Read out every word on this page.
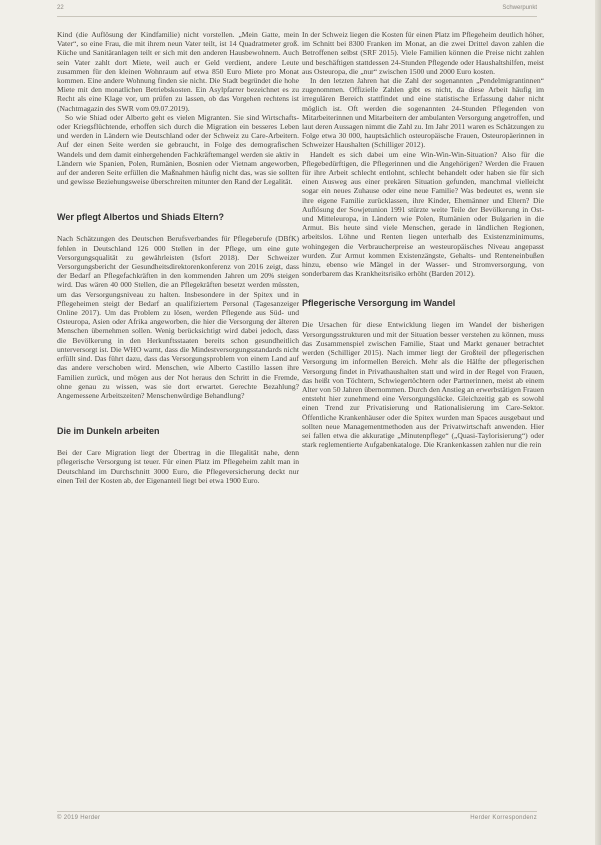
22	Schwerpunkt

Kind (die Auflösung der Kindfamilie) nicht vorstellen. „Mein Gatte, mein Vater“, so eine Frau, die mit ihrem neun Vater teilt, ist 14 Quadratmeter groß. Küche und Sanitäranlagen teilt er sich mit den anderen Hausbewohnern. Auch sein Vater zahlt dort Miete, weil auch er Geld verdient, andere Leute zusammen für den kleinen Wohnraum auf etwa 850 Euro Miete pro Monat kommen. Eine andere Wohnung finden sie nicht. Die Stadt begründet die hohe Miete mit den monatlichen Betriebskosten. Ein Asylpfarrer bezeichnet es zu Recht als eine Klage vor, um prüfen zu lassen, ob das Vorgehen rechtens ist (Nachtmagazin des SWR vom 09.07.2019).

So wie Shiad oder Alberto geht es vielen Migranten. Sie sind Wirtschafts- oder Kriegsflüchtende, erhoffen sich durch die Migration ein besseres Leben und werden in Ländern wie Deutschland oder der Schweiz zu Care-Arbeitern. Auf der einen Seite werden sie gebraucht, in Folge des demografischen Wandels und dem damit einhergehenden Fachkräftemangel werden sie aktiv in Ländern wie Spanien, Polen, Rumänien, Bosnien oder Vietnam angeworben, auf der anderen Seite erfüllen die Maßnahmen häufig nicht das, was sie sollten und gewisse Beziehungsweise überschreiten mitunter den Rand der Legalität.

Wer pflegt Albertos und Shiads Eltern?

Nach Schätzungen des Deutschen Berufsverbandes für Pflegeberufe (DBfK) fehlen in Deutschland 126 000 Stellen in der Pflege, um eine gute Versorgungsqualität zu gewährleisten (Isfort 2018). Der Schweizer Versorgungsbericht der Gesundheitsdirektorenkonferenz von 2016 zeigt, dass der Bedarf an Pflegefachkräften in den kommenden Jahren um 20% steigen wird. Das wären 40 000 Stellen, die an Pflegekräften besetzt werden müssten, um das Versorgungsniveau zu halten. Insbesondere in der Spitex und in Pflegeheimen steigt der Bedarf an qualifiziertem Personal (Tagesanzeiger Online 2017). Um das Problem zu lösen, werden Pflegende aus Süd- und Osteuropa, Asien oder Afrika angeworben, die hier die Versorgung der älteren Menschen übernehmen sollen. Wenig berücksichtigt wird dabei jedoch, dass die Bevölkerung in den Herkunftsstaaten bereits schon gesundheitlich unterversorgt ist. Die WHO warnt, dass die Mindestversorgungsstandards nicht erfüllt sind. Das führt dazu, dass das Versorgungsproblem von einem Land auf das andere verschoben wird. Menschen, wie Alberto Castillo lassen ihre Familien zurück, und mögen aus der Not heraus den Schritt in die Fremde, ohne genau zu wissen, was sie dort erwartet. Gerechte Bezahlung? Angemessene Arbeitszeiten? Menschenwürdige Behandlung?

Die im Dunkeln arbeiten

Bei der Care Migration liegt der Übertrag in die Illegalität nahe, denn pflegerische Versorgung ist teuer. Für einen Platz im Pflegeheim zahlt man in Deutschland im Durchschnitt 3000 Euro, die Pflegeversicherung deckt nur einen Teil der Kosten ab, der Eigenanteil liegt bei etwa 1900 Euro.

In der Schweiz liegen die Kosten für einen Platz im Pflegeheim deutlich höher, im Schnitt bei 8300 Franken im Monat, an die zwei Drittel davon zahlen die Betroffenen selbst (SRF 2015). Viele Familien können die Preise nicht zahlen und beschäftigen stattdessen 24-Stunden Pflegende oder Haushaltshilfen, meist aus Osteuropa, die „nur“ zwischen 1500 und 2000 Euro kosten.

In den letzten Jahren hat die Zahl der sogenannten „Pendelmigrantinnen“ zugenommen. Offizielle Zahlen gibt es nicht, da diese Arbeit häufig im irregulären Bereich stattfindet und eine statistische Erfassung daher nicht möglich ist. Oft werden die sogenannten 24-Stunden Pflegenden von Mitarbeiterinnen und Mitarbeitern der ambulanten Versorgung angetroffen, und laut deren Aussagen nimmt die Zahl zu. Im Jahr 2011 waren es Schätzungen zu Folge etwa 30 000, hauptsächlich osteuropäische Frauen, Osteuropäerinnen in Schweizer Haushalten (Schilliger 2012).

Handelt es sich dabei um eine Win-Win-Win-Situation? Also für die Pflegebedürftigen, die Pflegerinnen und die Angehörigen? Werden die Frauen für ihre Arbeit schlecht entlohnt, schlecht behandelt oder haben sie für sich einen Ausweg aus einer prekären Situation gefunden, manchmal vielleicht sogar ein neues Zuhause oder eine neue Familie? Was bedeutet es, wenn sie ihre eigene Familie zurücklassen, ihre Kinder, Ehemänner und Eltern? Die Auflösung der Sowjetunion 1991 stürzte weite Teile der Bevölkerung in Ost- und Mitteleuropa, in Ländern wie Polen, Rumänien oder Bulgarien in die Armut. Bis heute sind viele Menschen, gerade in ländlichen Regionen, arbeitslos. Löhne und Renten liegen unterhalb des Existenzminimums, wohingegen die Verbraucherpreise an westeuropäisches Niveau angepasst wurden. Zur Armut kommen Existenzängste, Gehalts- und Renteneinbußen hinzu, ebenso wie Mängel in der Wasser- und Stromversorgung, von sonderbarem das Krankheitsrisiko erhöht (Barden 2012).

Pflegerische Versorgung im Wandel

Die Ursachen für diese Entwicklung liegen im Wandel der bisherigen Versorgungsstrukturen und mit der Situation besser verstehen zu können, muss das Zusammenspiel zwischen Familie, Staat und Markt genauer betrachtet werden (Schilliger 2015). Nach immer liegt der Großteil der pflegerischen Versorgung im informellen Bereich. Mehr als die Hälfte der pflegerischen Versorgung findet in Privathaushalten statt und wird in der Regel von Frauen, das heißt von Töchtern, Schwiegertöchtern oder Partnerinnen, meist ab einem Alter von 50 Jahren übernommen. Durch den Anstieg an erwerbstätigen Frauen entsteht hier zunehmend eine Versorgungslücke. Gleichzeitig gab es sowohl einen Trend zur Privatisierung und Rationalisierung im Care-Sektor. Öffentliche Krankenhäuser oder die Spitex wurden man Spaces ausgebaut und sollten neue Managementmethoden aus der Privatwirtschaft anwenden. Hier sei fallen etwa die akkuratige „Minutenpflege“ („Quasi-Taylorisierung“) oder stark reglementierte Aufgabenkataloge. Die Krankenkassen zahlen nur die rein

© 2019 Herder	Herder Korrespondenz
